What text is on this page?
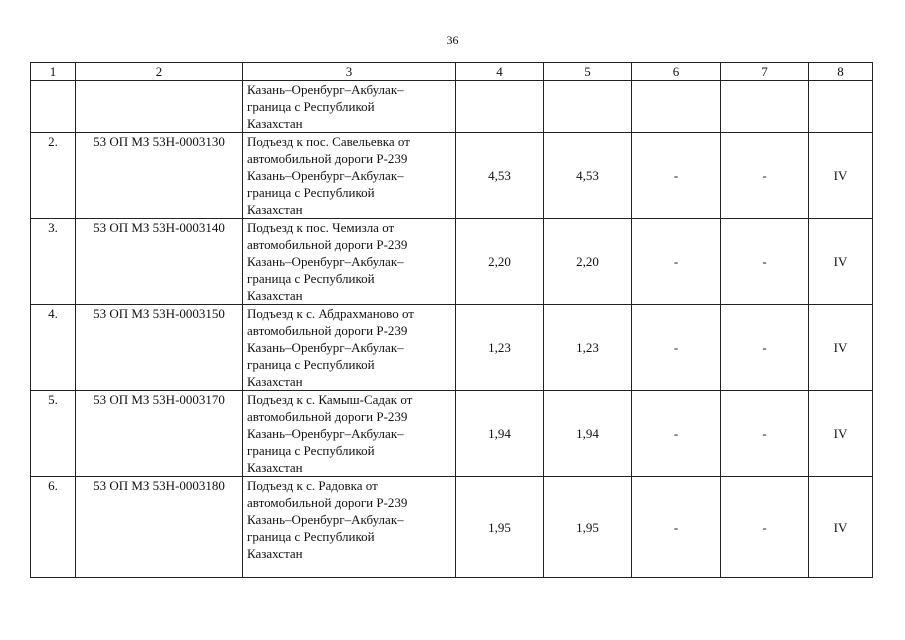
36
1	2	3	4	5	6	7	8
		Казань–Оренбург–Акбулак–
граница с Республикой
Казахстан					
2.	53 ОП МЗ 53Н-0003130	Подъезд к пос. Савельевка от
автомобильной дороги Р-239
Казань–Оренбург–Акбулак–
граница с Республикой
Казахстан	4,53	4,53	-	-	IV
3.	53 ОП МЗ 53Н-0003140	Подъезд к пос. Чемизла от
автомобильной дороги Р-239
Казань–Оренбург–Акбулак–
граница с Республикой
Казахстан	2,20	2,20	-	-	IV
4.	53 ОП МЗ 53Н-0003150	Подъезд к с. Абдрахманово от
автомобильной дороги Р-239
Казань–Оренбург–Акбулак–
граница с Республикой
Казахстан	1,23	1,23	-	-	IV
5.	53 ОП МЗ 53Н-0003170	Подъезд к с. Камыш-Садак от
автомобильной дороги Р-239
Казань–Оренбург–Акбулак–
граница с Республикой
Казахстан	1,94	1,94	-	-	IV
6.	53 ОП МЗ 53Н-0003180	Подъезд к с. Радовка от
автомобильной дороги Р-239
Казань–Оренбург–Акбулак–
граница с Республикой
Казахстан	1,95	1,95	-	-	IV
